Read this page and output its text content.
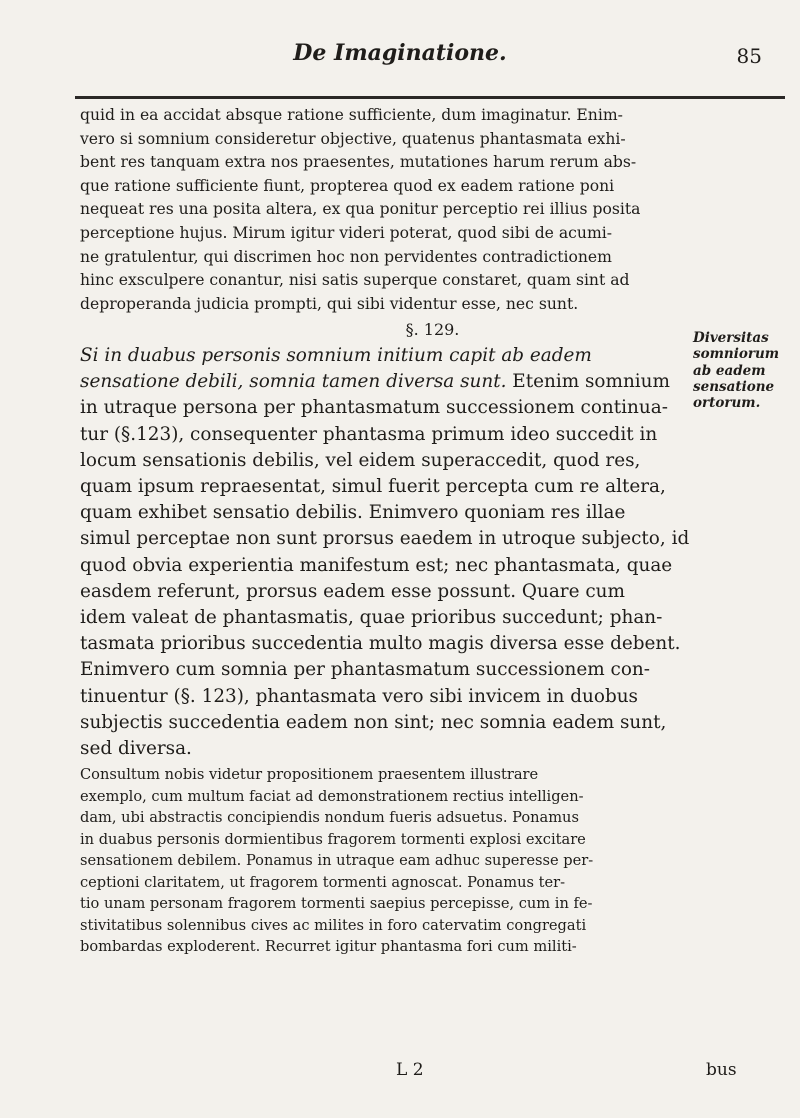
De Imaginatione.	85

quid in ea accidat absque ratione sufficiente, dum imaginatur. Enim-
vero si somnium consideretur objective, quatenus phantasmata exhi-
bent res tanquam extra nos praesentes, mutationes harum rerum abs-
que ratione sufficiente fiunt, propterea quod ex eadem ratione poni
nequeat res una posita altera, ex qua ponitur perceptio rei illius posita
perceptione hujus. Mirum igitur videri poterat, quod sibi de acumi-
ne gratulentur, qui discrimen hoc non pervidentes contradictionem
hinc exsculpere conantur, nisi satis superque constaret, quam sint ad
deproperanda judicia prompti, qui sibi videntur esse, nec sunt.

§. 129.

Si in duabus personis somnium initium capit ab eadem
sensatione debili, somnia tamen diversa sunt. Etenim somnium
in utraque persona per phantasmatum successionem continua-
tur (§.123), consequenter phantasma primum ideo succedit in
locum sensationis debilis, vel eidem superaccedit, quod res,
quam ipsum repraesentat, simul fuerit percepta cum re altera,
quam exhibet sensatio debilis. Enimvero quoniam res illae
simul perceptae non sunt prorsus eaedem in utroque subjecto, id
quod obvia experientia manifestum est; nec phantasmata, quae
easdem referunt, prorsus eadem esse possunt. Quare cum
idem valeat de phantasmatis, quae prioribus succedunt; phan-
tasmata prioribus succedentia multo magis diversa esse debent.
Enimvero cum somnia per phantasmatum successionem con-
tinuentur (§. 123), phantasmata vero sibi invicem in duobus
subjectis succedentia eadem non sint; nec somnia eadem sunt,
sed diversa.

Consultum nobis videtur propositionem praesentem illustrare
exemplo, cum multum faciat ad demonstrationem rectius intelligen-
dam, ubi abstractis concipiendis nondum fueris adsuetus. Ponamus
in duabus personis dormientibus fragorem tormenti explosi excitare
sensationem debilem. Ponamus in utraque eam adhuc superesse per-
ceptioni claritatem, ut fragorem tormenti agnoscat. Ponamus ter-
tio unam personam fragorem tormenti saepius percepisse, cum in fe-
stivitatibus solennibus cives ac milites in foro catervatim congregati
bombardas exploderent. Recurret igitur phantasma fori cum militi-

Diversitas
somniorum
ab eadem
sensatione
ortorum.
L 2	bus
